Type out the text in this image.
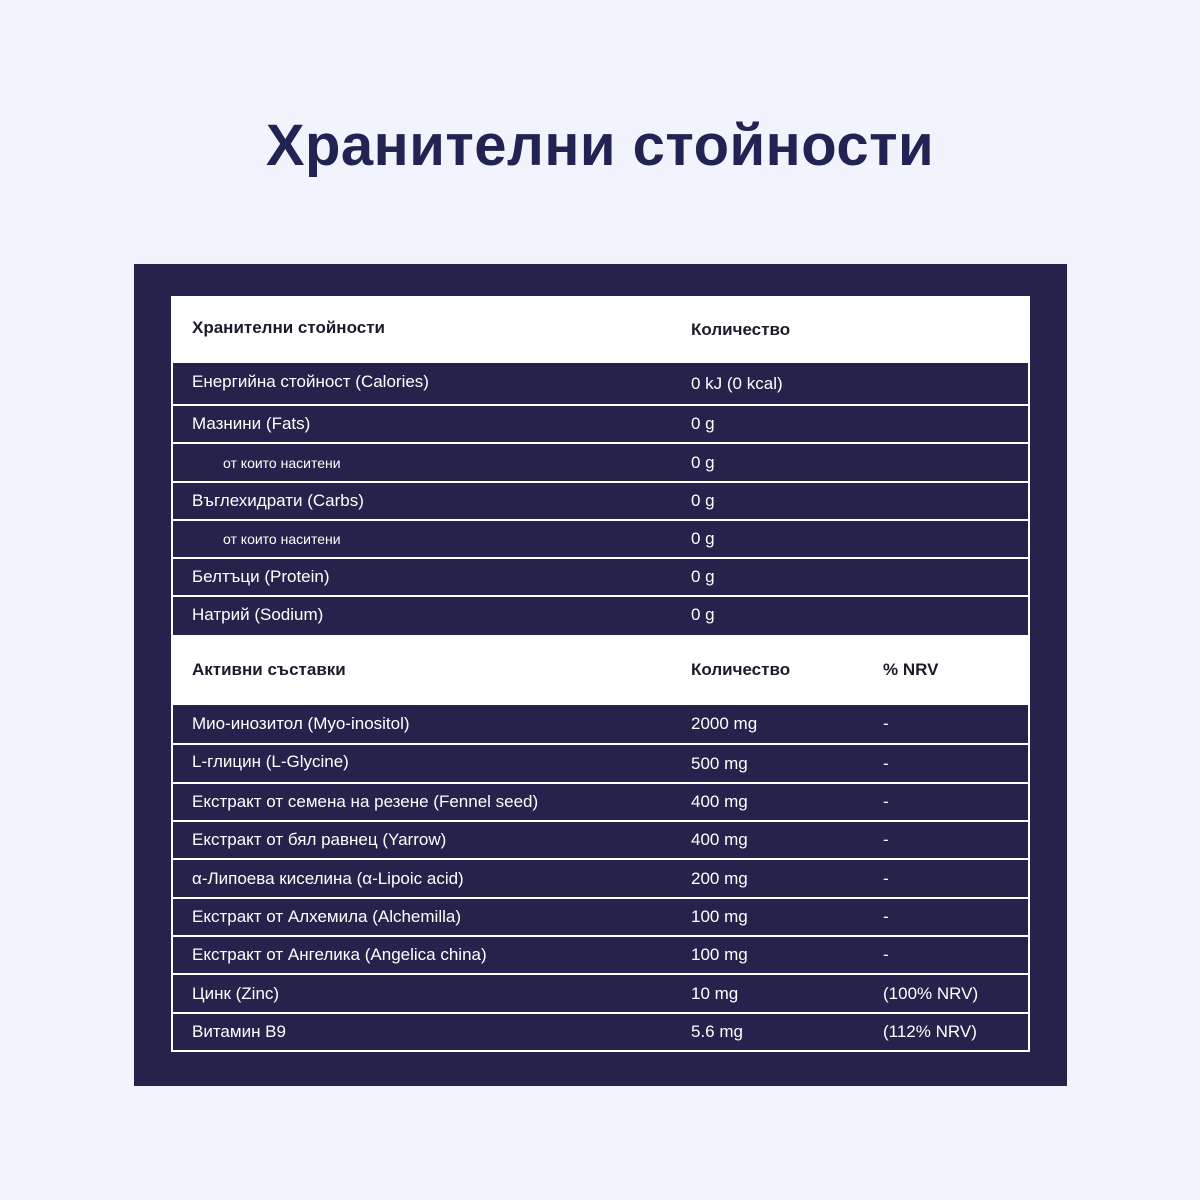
Хранителни стойности
Хранителни стойности	Количество
Енергийна стойност (Calories)	0 kJ (0 kcal)
Мазнини (Fats)	0 g
от които наситени	0 g
Въглехидрати (Carbs)	0 g
от които наситени	0 g
Белтъци (Protein)	0 g
Натрий (Sodium)	0 g
Активни съставки	Количество	% NRV
Мио-инозитол (Myo-inositol)	2000 mg	-
L-глицин (L-Glycine)	500 mg	-
Екстракт от семена на резене (Fennel seed)	400 mg	-
Екстракт от бял равнец (Yarrow)	400 mg	-
α-Липоева киселина (α-Lipoic acid)	200 mg	-
Екстракт от Алхемила (Alchemilla)	100 mg	-
Екстракт от Ангелика (Angelica china)	100 mg	-
Цинк (Zinc)	10 mg	(100% NRV)
Витамин B9	5.6 mg	(112% NRV)
